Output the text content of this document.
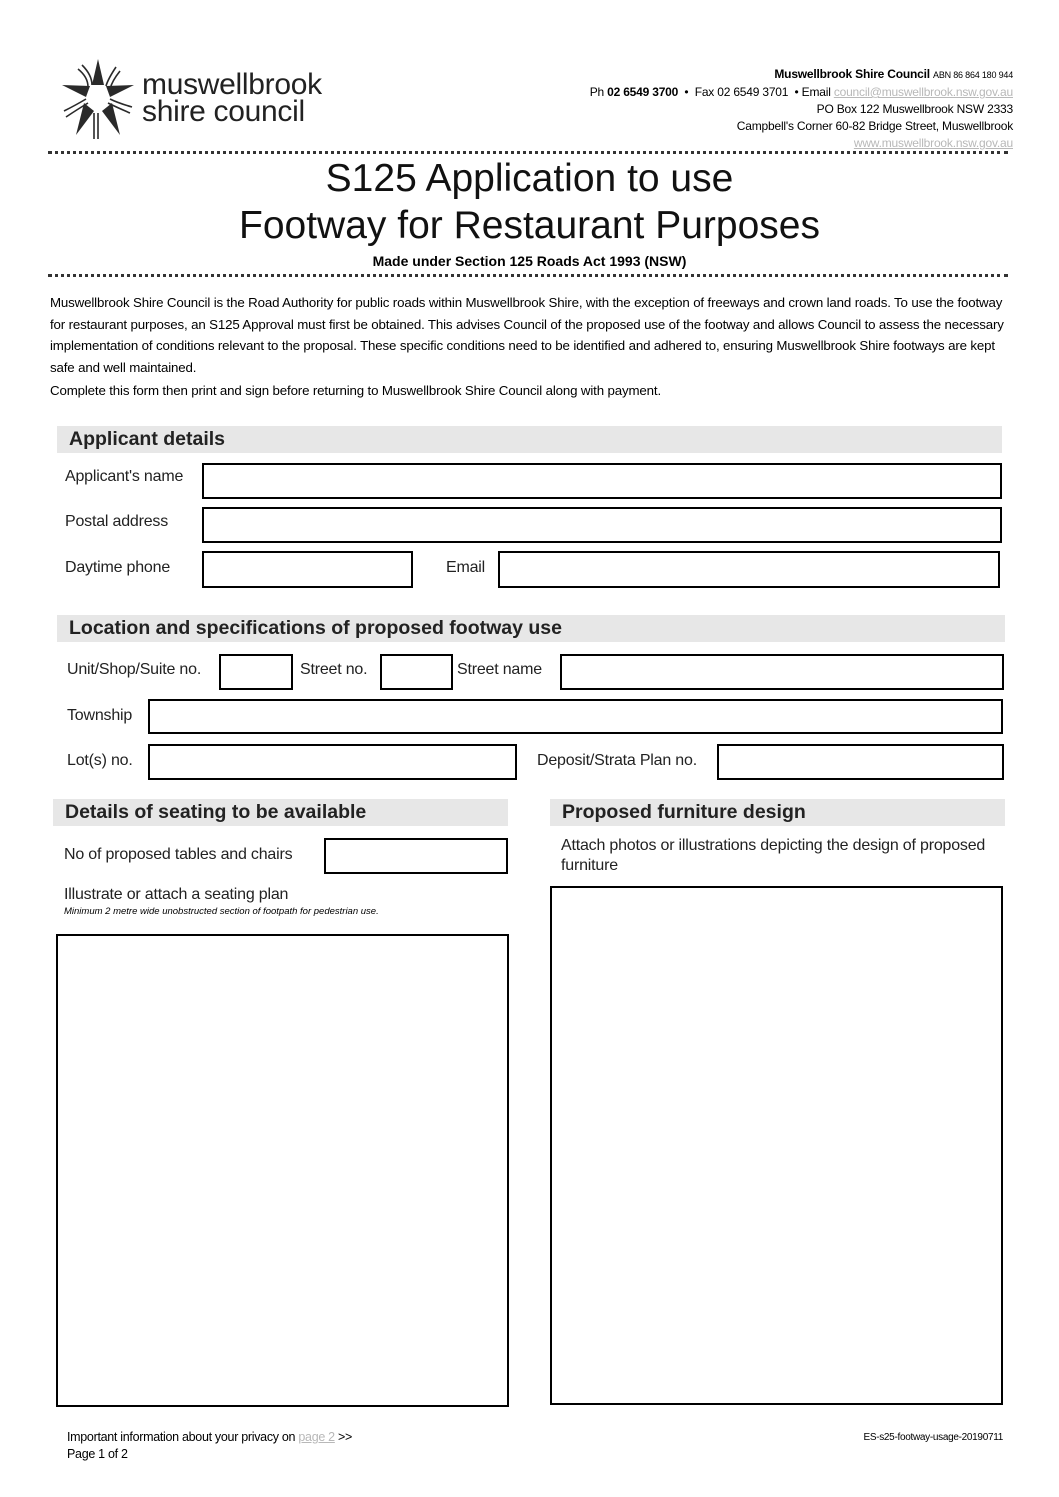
muswellbrook
shire council
Muswellbrook Shire Council ABN 86 864 180 944
Ph 02 6549 3700  •  Fax 02 6549 3701  • Email council@muswellbrook.nsw.gov.au
PO Box 122 Muswellbrook NSW 2333
Campbell's Corner 60-82 Bridge Street, Muswellbrook
www.muswellbrook.nsw.gov.au
S125 Application to use
Footway for Restaurant Purposes
Made under Section 125 Roads Act 1993 (NSW)
Muswellbrook Shire Council is the Road Authority for public roads within Muswellbrook Shire, with the exception of freeways and crown land roads. To use the footway for restaurant purposes, an S125 Approval must first be obtained. This advises Council of the proposed use of the footway and allows Council to assess the necessary implementation of conditions relevant to the proposal. These specific conditions need to be identified and adhered to, ensuring Muswellbrook Shire footways are kept safe and well maintained.
Complete this form then print and sign before returning to Muswellbrook Shire Council along with payment.
Applicant details
Applicant's name
Postal address
Daytime phone	Email
Location and specifications of proposed footway use
Unit/Shop/Suite no.	Street no.	Street name
Township
Lot(s) no.	Deposit/Strata Plan no.
Details of seating to be available
No of proposed tables and chairs
Illustrate or attach a seating plan
Minimum 2 metre wide unobstructed section of footpath for pedestrian use.
Proposed furniture design
Attach photos or illustrations depicting the design of proposed furniture
Important information about your privacy on page 2 >>
Page 1 of 2
ES-s25-footway-usage-20190711
